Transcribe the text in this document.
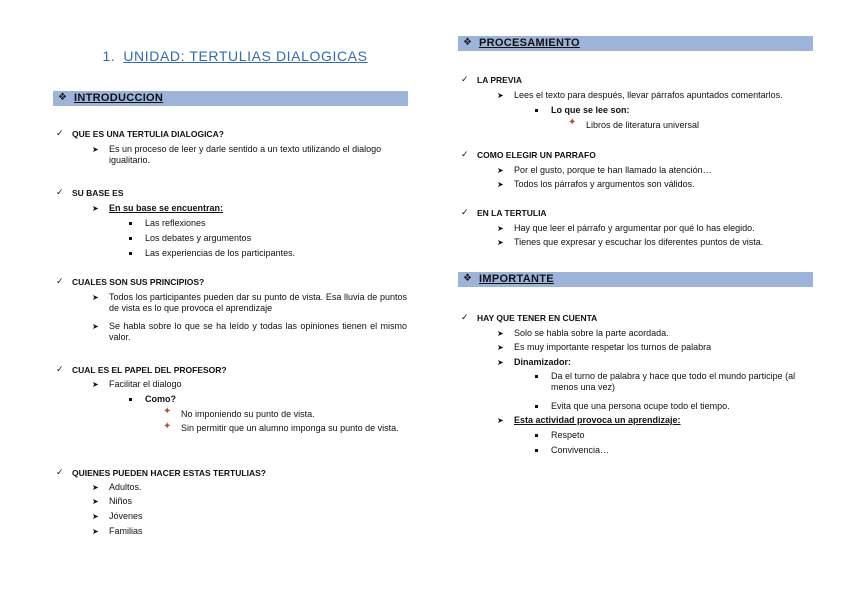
1. UNIDAD: TERTULIAS DIALOGICAS
❖ INTRODUCCION
✓ QUE ES UNA TERTULIA DIALOGICA?
➤ Es un proceso de leer y darle sentido a un texto utilizando el dialogo igualitario.
✓ SU BASE ES
➤ En su base se encuentran:
Las reflexiones
Los debates y argumentos
Las experiencias de los participantes.
✓ CUALES SON SUS PRINCIPIOS?
➤ Todos los participantes pueden dar su punto de vista. Esa lluvia de puntos de vista es lo que provoca el aprendizaje
➤ Se habla sobre lo que se ha leído y todas las opiniones tienen el mismo valor.
✓ CUAL ES EL PAPEL DEL PROFESOR?
➤ Facilitar el dialogo
Como?
✦ No imponiendo su punto de vista.
✦ Sin permitir que un alumno imponga su punto de vista.
✓ QUIENES PUEDEN HACER ESTAS TERTULIAS?
➤ Adultos.
➤ Niños
➤ Jóvenes
➤ Familias
❖ PROCESAMIENTO
✓ LA PREVIA
➤ Lees el texto para después, llevar párrafos apuntados comentarlos.
Lo que se lee son:
✦ Libros de literatura universal
✓ COMO ELEGIR UN PARRAFO
➤ Por el gusto, porque te han llamado la atención…
➤ Todos los párrafos y argumentos son válidos.
✓ EN LA TERTULIA
➤ Hay que leer el párrafo y argumentar por qué lo has elegido.
➤ Tienes que expresar y escuchar los diferentes puntos de vista.
❖ IMPORTANTE
✓ HAY QUE TENER EN CUENTA
➤ Solo se habla sobre la parte acordada.
➤ Es muy importante respetar los turnos de palabra
➤ Dinamizador:
Da el turno de palabra y hace que todo el mundo participe (al menos una vez)
Evita que una persona ocupe todo el tiempo.
➤ Esta actividad provoca un aprendizaje:
Respeto
Convivencia…
